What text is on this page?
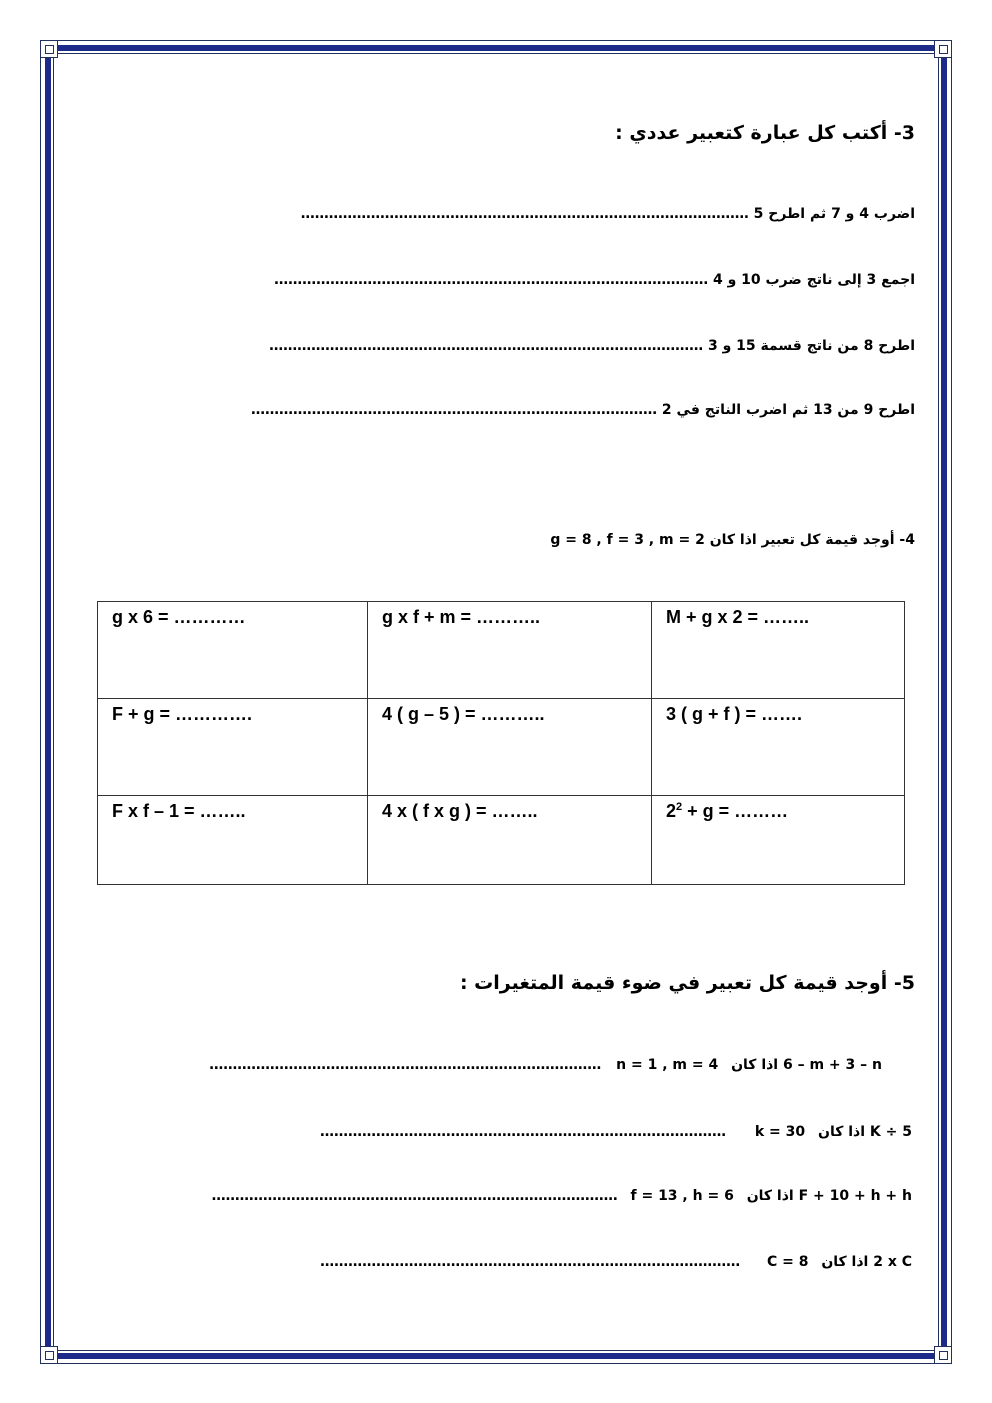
3- أكتب كل عبارة كتعبير عددي :
اضرب 4 و 7 ثم اطرح 5 ……………………………………………………………………………………
اجمع 3 إلى ناتج ضرب 10 و 4 …………………………………………………………………………………
اطرح 8 من ناتج قسمة 15 و 3 …………………………………………………………………………………
اطرح 9 من 13 ثم اضرب الناتج في 2 ……………………………………………………………………………
4- أوجد قيمة كل تعبير اذا كان g = 8 , f = 3 , m = 2
g x 6 = …………	g x f + m = ………..	M + g x 2 = ……..
F + g = ………….	4 ( g – 5 ) = ………..	3 ( g + f ) = …….
F x f – 1 = ……..	4 x ( f x g ) = ……..	$2^2 + g$ = ………
5- أوجد قيمة كل تعبير في ضوء قيمة المتغيرات :
6 – m + 3 – n اذا كان n = 1 , m = 4 …………………………………………………………………………
K ÷ 5 اذا كان k = 30 ……………………………………………………………………………
F + 10 + h + h اذا كان f = 13 , h = 6 ……………………………………………………………………………
2 x C اذا كان C = 8 ………………………………………………………………………………
